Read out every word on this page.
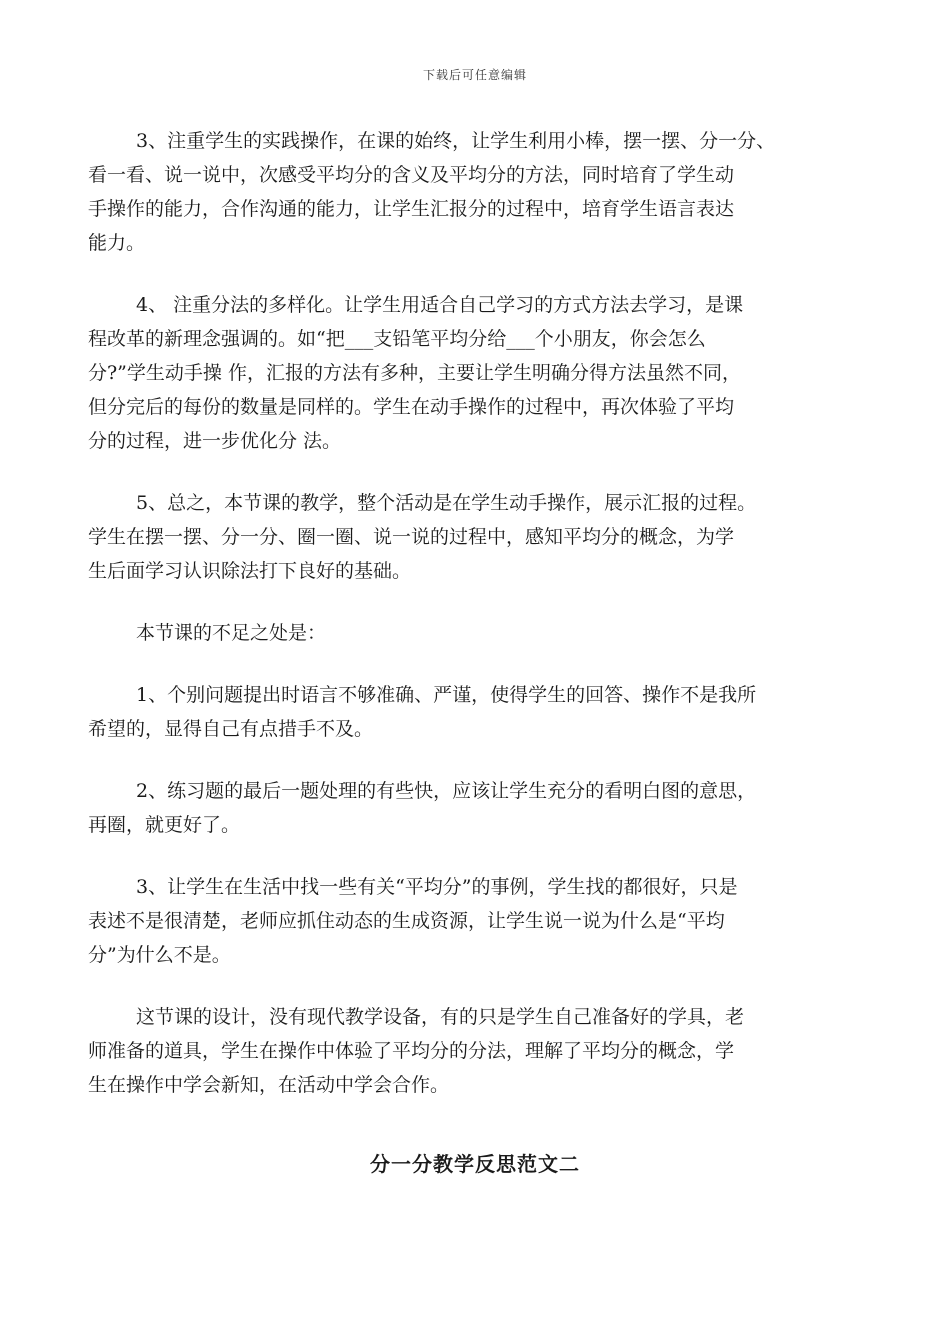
下载后可任意编辑

3、注重学生的实践操作，在课的始终，让学生利用小棒，摆一摆、分一分、
看一看、说一说中，次感受平均分的含义及平均分的方法，同时培育了学生动
手操作的能力，合作沟通的能力，让学生汇报分的过程中，培育学生语言表达
能力。

4、 注重分法的多样化。让学生用适合自己学习的方式方法去学习，是课
程改革的新理念强调的。如“把___支铅笔平均分给___个小朋友，你会怎么
分?”学生动手操 作，汇报的方法有多种，主要让学生明确分得方法虽然不同，
但分完后的每份的数量是同样的。学生在动手操作的过程中，再次体验了平均
分的过程，进一步优化分 法。

5、总之，本节课的教学，整个活动是在学生动手操作，展示汇报的过程。
学生在摆一摆、分一分、圈一圈、说一说的过程中，感知平均分的概念，为学
生后面学习认识除法打下良好的基础。

本节课的不足之处是：

1、个别问题提出时语言不够准确、严谨，使得学生的回答、操作不是我所
希望的，显得自己有点措手不及。

2、练习题的最后一题处理的有些快，应该让学生充分的看明白图的意思，
再圈，就更好了。

3、让学生在生活中找一些有关“平均分”的事例，学生找的都很好，只是
表述不是很清楚，老师应抓住动态的生成资源，让学生说一说为什么是“平均
分”为什么不是。

这节课的设计，没有现代教学设备，有的只是学生自己准备好的学具，老
师准备的道具，学生在操作中体验了平均分的分法，理解了平均分的概念，学
生在操作中学会新知，在活动中学会合作。

分一分教学反思范文二
